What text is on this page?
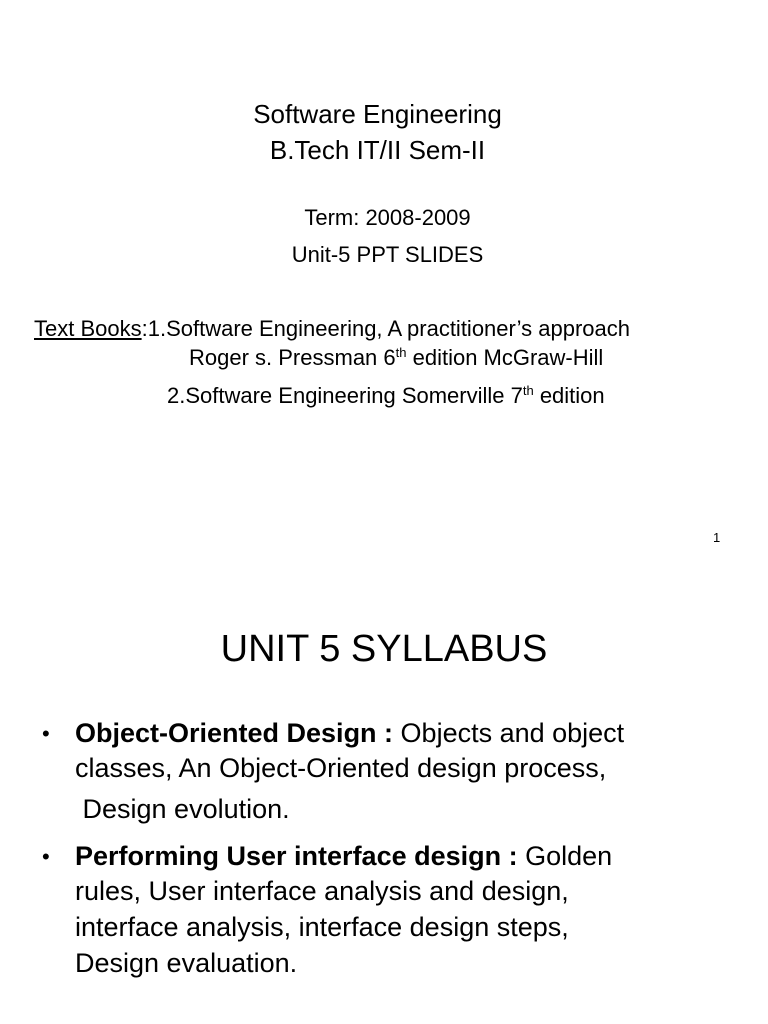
Software Engineering
B.Tech IT/II Sem-II
Term: 2008-2009
Unit-5 PPT SLIDES
Text Books:1.Software Engineering, A practitioner’s approach
Roger s. Pressman 6th edition McGraw-Hill
2.Software Engineering Somerville 7th edition
1
UNIT 5 SYLLABUS
• Object-Oriented Design : Objects and object
classes, An Object-Oriented design process,
Design evolution.
• Performing User interface design : Golden
rules, User interface analysis and design,
interface analysis, interface design steps,
Design evaluation.
